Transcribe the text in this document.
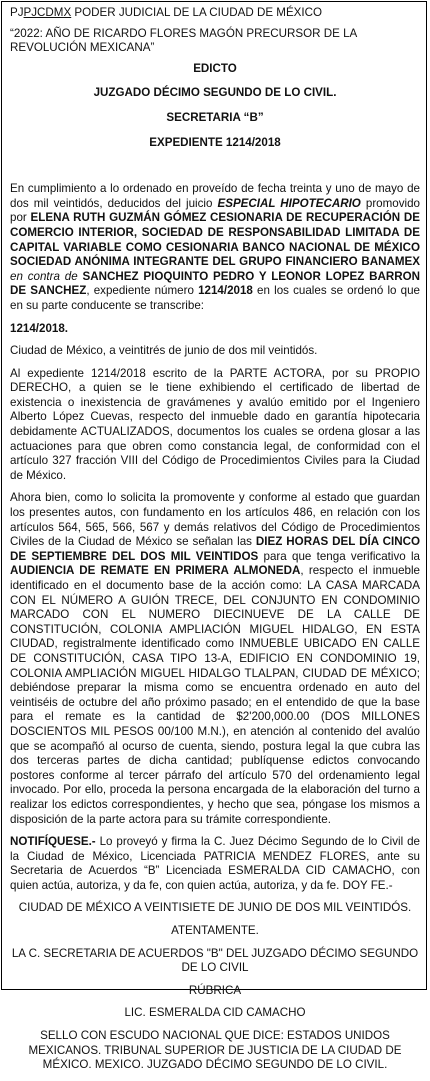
PJPJCDMX PODER JUDICIAL DE LA CIUDAD DE MÉXICO

“2022: AÑO DE RICARDO FLORES MAGÓN PRECURSOR DE LA REVOLUCIÓN MEXICANA”

EDICTO

JUZGADO DÉCIMO SEGUNDO DE LO CIVIL.

SECRETARIA “B”

EXPEDIENTE 1214/2018

En cumplimiento a lo ordenado en proveído de fecha treinta y uno de mayo de dos mil veintidós, deducidos del juicio ESPECIAL HIPOTECARIO promovido por ELENA RUTH GUZMÁN GÓMEZ CESIONARIA DE RECUPERACIÓN DE COMERCIO INTERIOR, SOCIEDAD DE RESPONSABILIDAD LIMITADA DE CAPITAL VARIABLE COMO CESIONARIA BANCO NACIONAL DE MÉXICO SOCIEDAD ANÓNIMA INTEGRANTE DEL GRUPO FINANCIERO BANAMEX en contra de SANCHEZ PIOQUINTO PEDRO Y LEONOR LOPEZ BARRON DE SANCHEZ, expediente número 1214/2018 en los cuales se ordenó lo que en su parte conducente se transcribe:

1214/2018.

Ciudad de México, a veintitrés de junio de dos mil veintidós.

Al expediente 1214/2018 escrito de la PARTE ACTORA, por su PROPIO DERECHO, a quien se le tiene exhibiendo el certificado de libertad de existencia o inexistencia de gravámenes y avalúo emitido por el Ingeniero Alberto López Cuevas, respecto del inmueble dado en garantía hipotecaria debidamente ACTUALIZADOS, documentos los cuales se ordena glosar a las actuaciones para que obren como constancia legal, de conformidad con el artículo 327 fracción VIII del Código de Procedimientos Civiles para la Ciudad de México.

Ahora bien, como lo solicita la promovente y conforme al estado que guardan los presentes autos, con fundamento en los artículos 486, en relación con los artículos 564, 565, 566, 567 y demás relativos del Código de Procedimientos Civiles de la Ciudad de México se señalan las DIEZ HORAS DEL DÍA CINCO DE SEPTIEMBRE DEL DOS MIL VEINTIDOS para que tenga verificativo la AUDIENCIA DE REMATE EN PRIMERA ALMONEDA, respecto el inmueble identificado en el documento base de la acción como: LA CASA MARCADA CON EL NÚMERO A GUIÓN TRECE, DEL CONJUNTO EN CONDOMINIO MARCADO CON EL NUMERO DIECINUEVE DE LA CALLE DE CONSTITUCIÓN, COLONIA AMPLIACIÓN MIGUEL HIDALGO, EN ESTA CIUDAD, registralmente identificado como INMUEBLE UBICADO EN CALLE DE CONSTITUCIÓN, CASA TIPO 13-A, EDIFICIO EN CONDOMINIO 19, COLONIA AMPLIACIÓN MIGUEL HIDALGO TLALPAN, CIUDAD DE MÉXICO; debiéndose preparar la misma como se encuentra ordenado en auto del veintiséis de octubre del año próximo pasado; en el entendido de que la base para el remate es la cantidad de $2'200,000.00 (DOS MILLONES DOSCIENTOS MIL PESOS 00/100 M.N.), en atención al contenido del avalúo que se acompañó al ocurso de cuenta, siendo, postura legal la que cubra las dos terceras partes de dicha cantidad; publíquense edictos convocando postores conforme al tercer párrafo del artículo 570 del ordenamiento legal invocado. Por ello, proceda la persona encargada de la elaboración del turno a realizar los edictos correspondientes, y hecho que sea, póngase los mismos a disposición de la parte actora para su trámite correspondiente.

NOTIFÍQUESE.- Lo proveyó y firma la C. Juez Décimo Segundo de lo Civil de la Ciudad de México, Licenciada PATRICIA MENDEZ FLORES, ante su Secretaria de Acuerdos “B” Licenciada ESMERALDA CID CAMACHO, con quien actúa, autoriza, y da fe, con quien actúa, autoriza, y da fe. DOY FE.-

CIUDAD DE MÉXICO A VEINTISIETE DE JUNIO DE DOS MIL VEINTIDÓS.

ATENTAMENTE.

LA C. SECRETARIA DE ACUERDOS "B" DEL JUZGADO DÉCIMO SEGUNDO DE LO CIVIL

RÚBRICA

LIC. ESMERALDA CID CAMACHO

SELLO CON ESCUDO NACIONAL QUE DICE: ESTADOS UNIDOS MEXICANOS. TRIBUNAL SUPERIOR DE JUSTICIA DE LA CIUDAD DE MÉXICO. MEXICO. JUZGADO DÉCIMO SEGUNDO DE LO CIVIL.
